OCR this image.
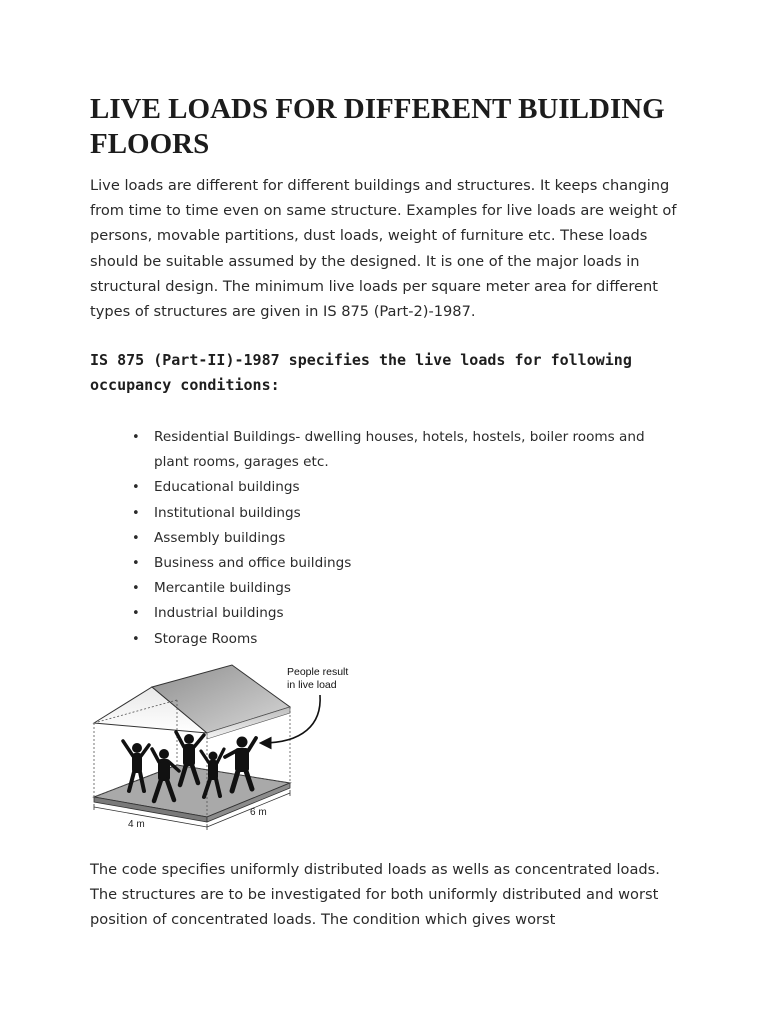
LIVE LOADS FOR DIFFERENT BUILDING FLOORS

Live loads are different for different buildings and structures. It keeps changing from time to time even on same structure. Examples for live loads are weight of persons, movable partitions, dust loads, weight of furniture etc. These loads should be suitable assumed by the designed. It is one of the major loads in structural design. The minimum live loads per square meter area for different types of structures are given in IS 875 (Part-2)-1987.

IS 875 (Part-II)-1987 specifies the live loads for following occupancy conditions:

• Residential Buildings- dwelling houses, hotels, hostels, boiler rooms and plant rooms, garages etc.
• Educational buildings
• Institutional buildings
• Assembly buildings
• Business and office buildings
• Mercantile buildings
• Industrial buildings
• Storage Rooms
People result
in live load
4 m
6 m

The code specifies uniformly distributed loads as wells as concentrated loads. The structures are to be investigated for both uniformly distributed and worst position of concentrated loads. The condition which gives worst
